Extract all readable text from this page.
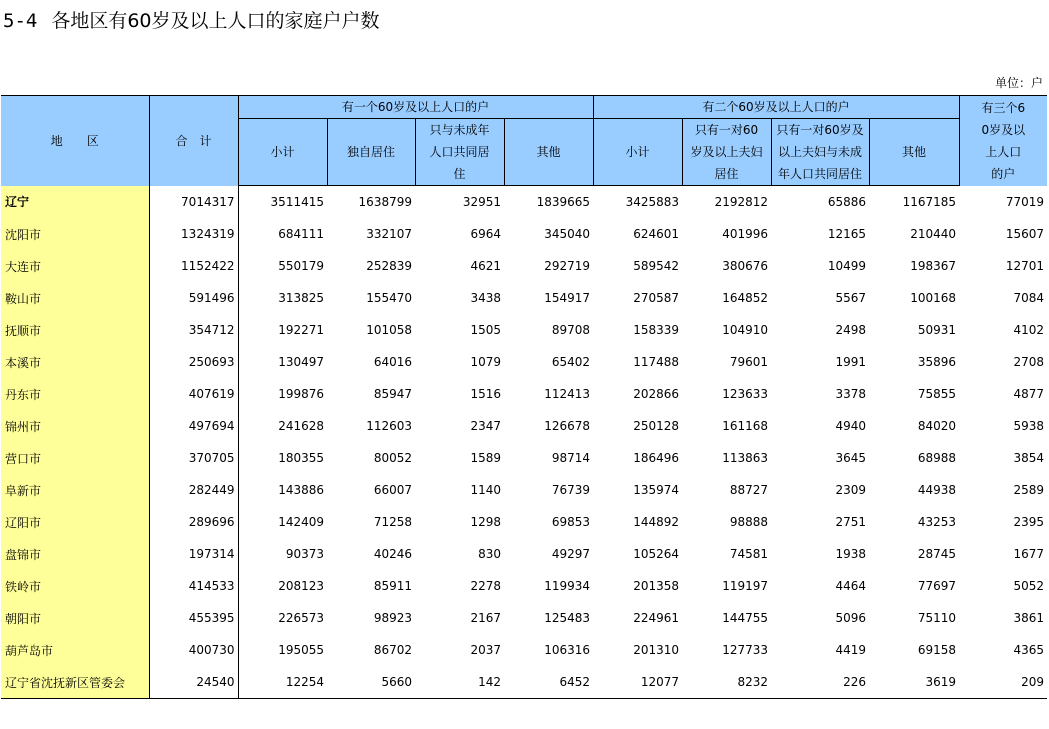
5-4 各地区有60岁及以上人口的家庭户户数
单位：户
地　　区	合　计	有一个60岁及以上人口的户				有二个60岁及以上人口的户				有三个60岁及以上人口的户
		小计	独自居住	只与未成年人口共同居住	其他	小计	只有一对60岁及以上夫妇居住	只有一对60岁及以上夫妇与未成年人口共同居住	其他	
辽宁	7014317	3511415	1638799	32951	1839665	3425883	2192812	65886	1167185	77019
沈阳市	1324319	684111	332107	6964	345040	624601	401996	12165	210440	15607
大连市	1152422	550179	252839	4621	292719	589542	380676	10499	198367	12701
鞍山市	591496	313825	155470	3438	154917	270587	164852	5567	100168	7084
抚顺市	354712	192271	101058	1505	89708	158339	104910	2498	50931	4102
本溪市	250693	130497	64016	1079	65402	117488	79601	1991	35896	2708
丹东市	407619	199876	85947	1516	112413	202866	123633	3378	75855	4877
锦州市	497694	241628	112603	2347	126678	250128	161168	4940	84020	5938
营口市	370705	180355	80052	1589	98714	186496	113863	3645	68988	3854
阜新市	282449	143886	66007	1140	76739	135974	88727	2309	44938	2589
辽阳市	289696	142409	71258	1298	69853	144892	98888	2751	43253	2395
盘锦市	197314	90373	40246	830	49297	105264	74581	1938	28745	1677
铁岭市	414533	208123	85911	2278	119934	201358	119197	4464	77697	5052
朝阳市	455395	226573	98923	2167	125483	224961	144755	5096	75110	3861
葫芦岛市	400730	195055	86702	2037	106316	201310	127733	4419	69158	4365
辽宁省沈抚新区管委会	24540	12254	5660	142	6452	12077	8232	226	3619	209
